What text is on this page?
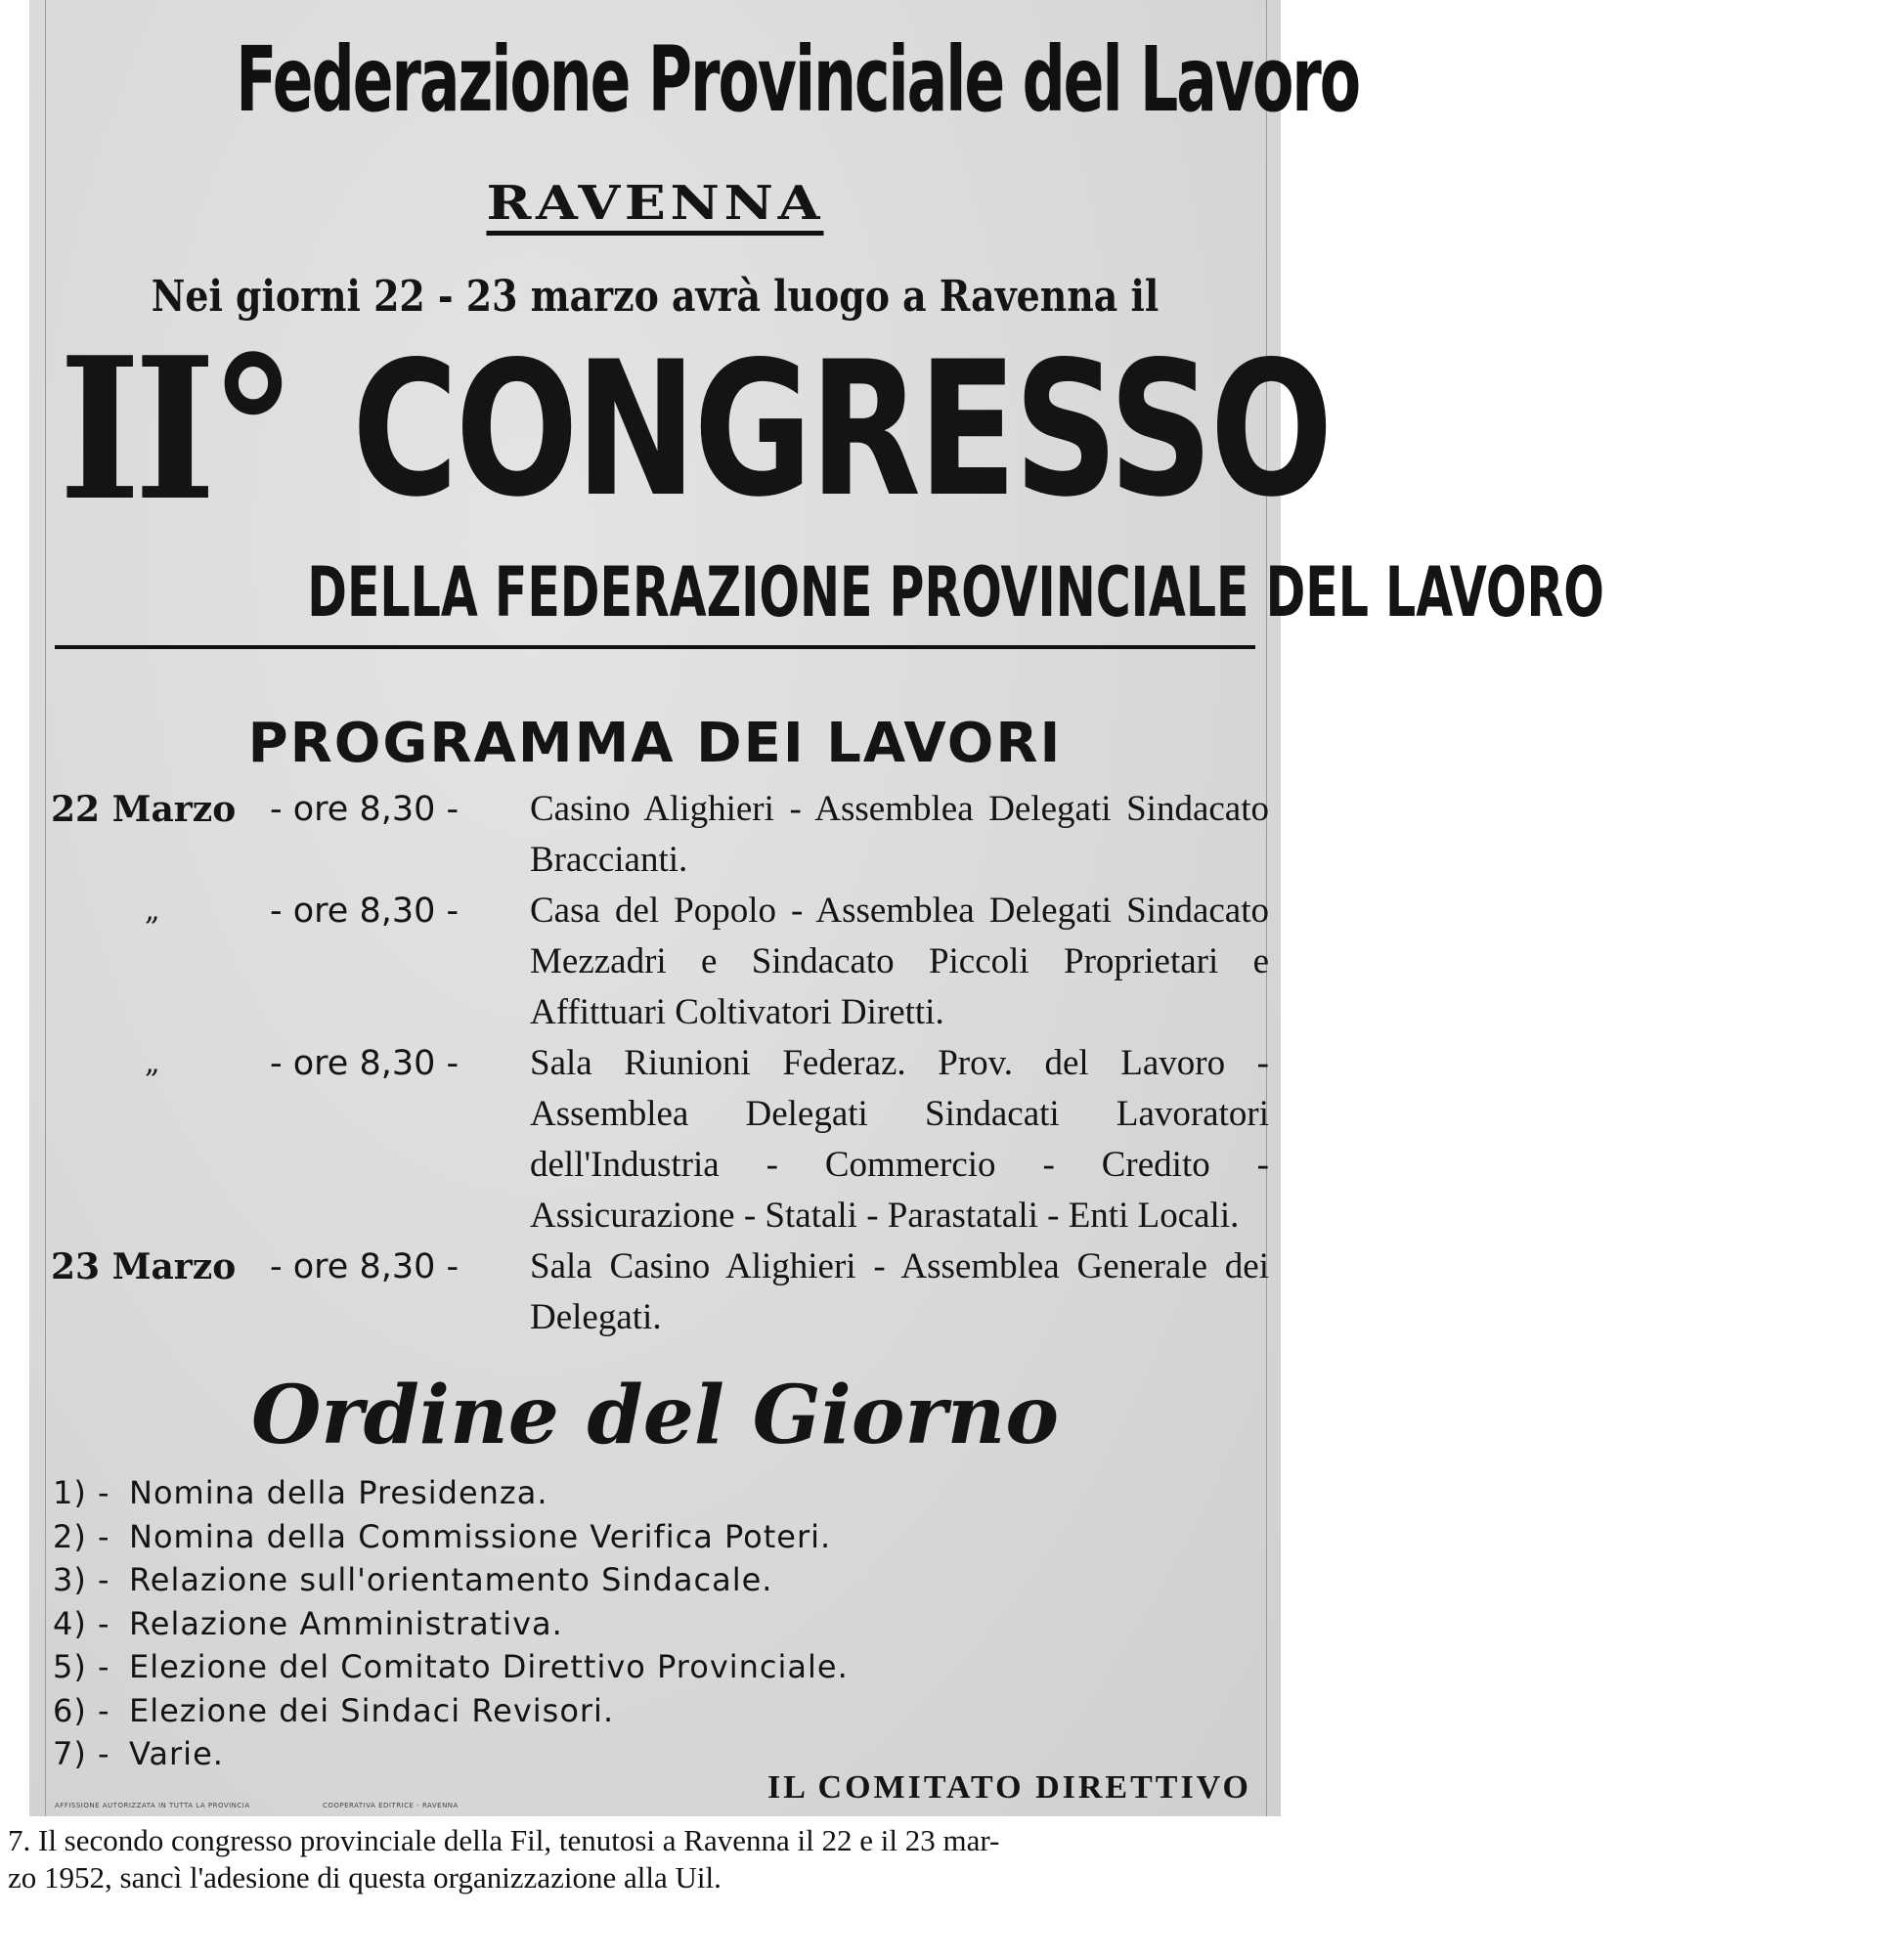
Federazione Provinciale del Lavoro
RAVENNA
Nei giorni 22 - 23 marzo avrà luogo a Ravenna il
II° CONGRESSO
DELLA FEDERAZIONE PROVINCIALE DEL LAVORO
PROGRAMMA DEI LAVORI
22 Marzo - ore 8,30 -	Casino Alighieri - Assemblea Delegati Sindacato Braccianti.
„	- ore 8,30 -	Casa del Popolo - Assemblea Delegati Sindacato Mezzadri e Sindacato Piccoli Proprietari e Affittuari Coltivatori Diretti.
„	- ore 8,30 -	Sala Riunioni Federaz. Prov. del Lavoro - Assemblea Delegati Sindacati Lavoratori dell'Industria - Commercio - Credito - Assicurazione - Statali - Parastatali - Enti Locali.
23 Marzo - ore 8,30 -	Sala Casino Alighieri - Assemblea Generale dei Delegati.
Ordine del Giorno
1) - Nomina della Presidenza.
2) - Nomina della Commissione Verifica Poteri.
3) - Relazione sull'orientamento Sindacale.
4) - Relazione Amministrativa.
5) - Elezione del Comitato Direttivo Provinciale.
6) - Elezione dei Sindaci Revisori.
7) - Varie.
IL COMITATO DIRETTIVO
AFFISSIONE AUTORIZZATA IN TUTTA LA PROVINCIA	COOPERATIVA EDITRICE - RAVENNA
7. Il secondo congresso provinciale della Fil, tenutosi a Ravenna il 22 e il 23 mar-
zo 1952, sancì l'adesione di questa organizzazione alla Uil.
